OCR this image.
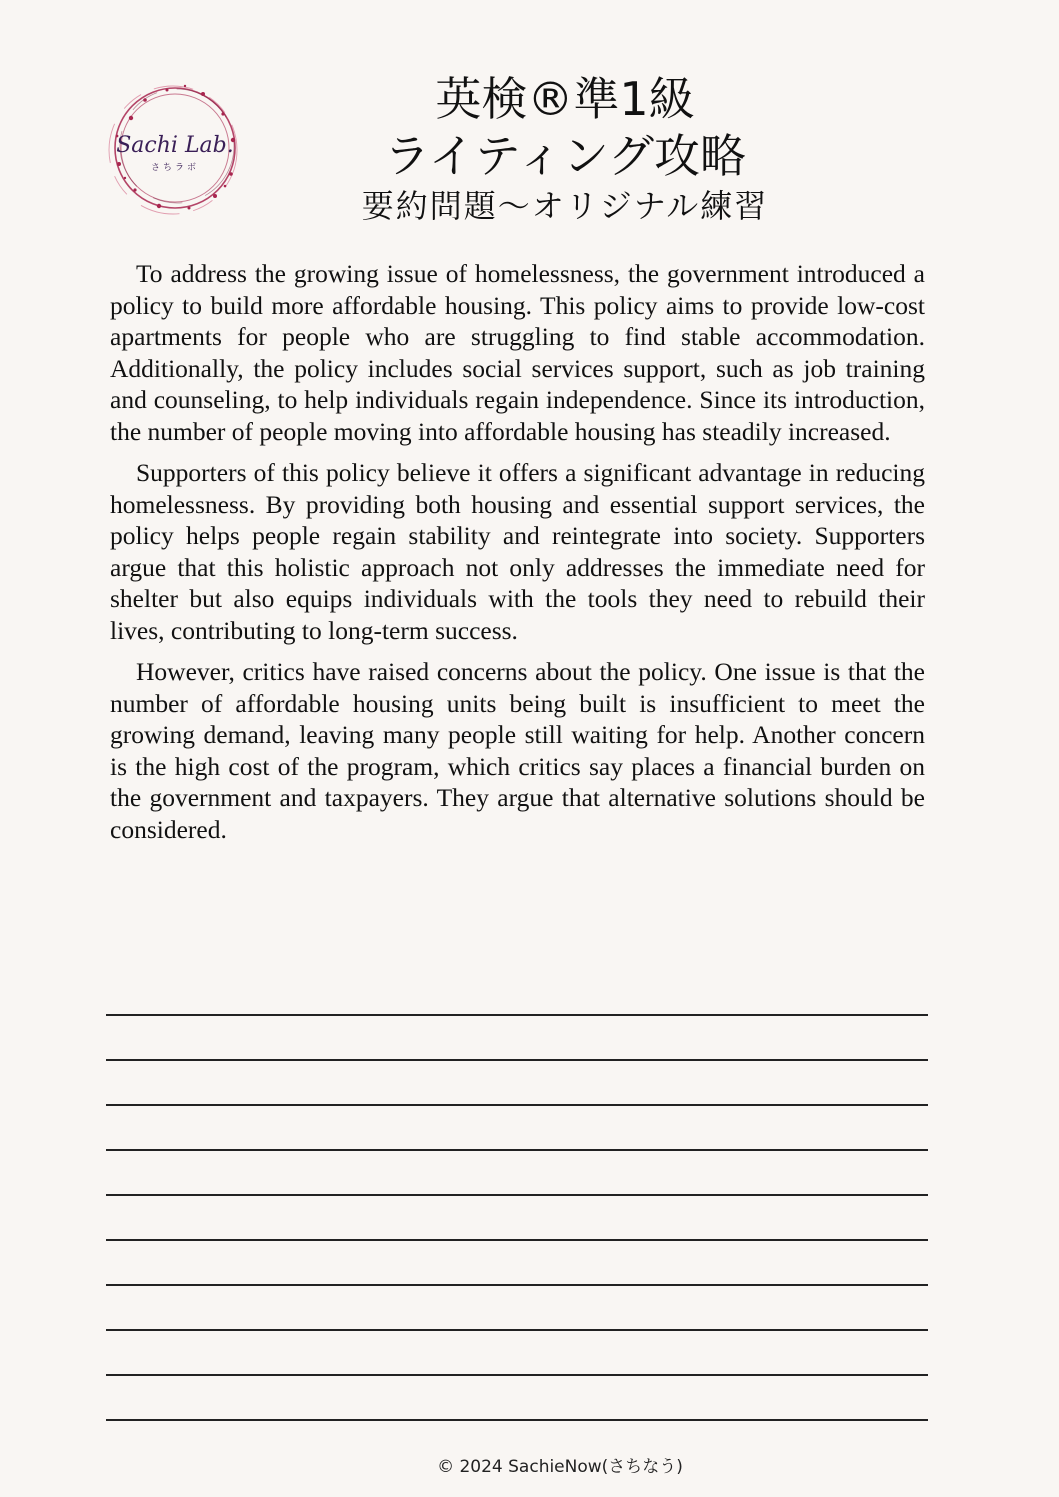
Sachi Lab.
さちラボ
英検®準1級
ライティング攻略
要約問題～オリジナル練習

To address the growing issue of homelessness, the government introduced a policy to build more affordable housing. This policy aims to provide low-cost apartments for people who are struggling to find stable accommodation. Additionally, the policy includes social services support, such as job training and counseling, to help individuals regain independence. Since its introduction, the number of people moving into affordable housing has steadily increased.

Supporters of this policy believe it offers a significant advantage in reducing homelessness. By providing both housing and essential support services, the policy helps people regain stability and reintegrate into society. Supporters argue that this holistic approach not only addresses the immediate need for shelter but also equips individuals with the tools they need to rebuild their lives, contributing to long-term success.

However, critics have raised concerns about the policy. One issue is that the number of affordable housing units being built is insufficient to meet the growing demand, leaving many people still waiting for help. Another concern is the high cost of the program, which critics say places a financial burden on the government and taxpayers. They argue that alternative solutions should be considered.

© 2024 SachieNow(さちなう)
